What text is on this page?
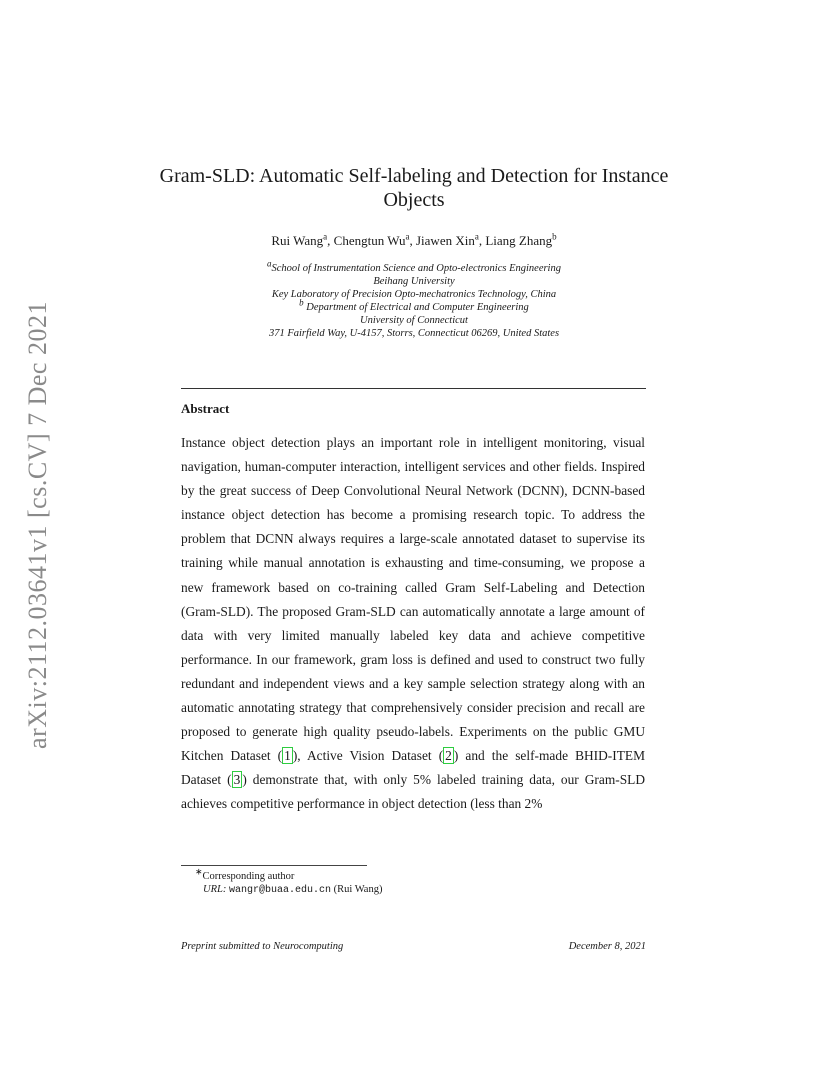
arXiv:2112.03641v1 [cs.CV] 7 Dec 2021
Gram-SLD: Automatic Self-labeling and Detection for Instance Objects
Rui Wang$^a$, Chengtun Wu$^a$, Jiawen Xin$^a$, Liang Zhang$^b$
$^a$School of Instrumentation Science and Opto-electronics Engineering
Beihang University
Key Laboratory of Precision Opto-mechatronics Technology, China
$^b$ Department of Electrical and Computer Engineering
University of Connecticut
371 Fairfield Way, U-4157, Storrs, Connecticut 06269, United States
Abstract
Instance object detection plays an important role in intelligent monitoring, visual navigation, human-computer interaction, intelligent services and other fields. Inspired by the great success of Deep Convolutional Neural Network (DCNN), DCNN-based instance object detection has become a promising research topic. To address the problem that DCNN always requires a large-scale annotated dataset to supervise its training while manual annotation is exhausting and time-consuming, we propose a new framework based on co-training called Gram Self-Labeling and Detection (Gram-SLD). The proposed Gram-SLD can automatically annotate a large amount of data with very limited manually labeled key data and achieve competitive performance. In our framework, gram loss is defined and used to construct two fully redundant and independent views and a key sample selection strategy along with an automatic annotating strategy that comprehensively consider precision and recall are proposed to generate high quality pseudo-labels. Experiments on the public GMU Kitchen Dataset ( 1 ), Active Vision Dataset ( 2 ) and the self-made BHID-ITEM Dataset ( 3 ) demonstrate that, with only 5% labeled training data, our Gram-SLD achieves competitive performance in object detection (less than 2%
∗Corresponding author
URL: wangr@buaa.edu.cn (Rui Wang)
Preprint submitted to Neurocomputing	December 8, 2021
